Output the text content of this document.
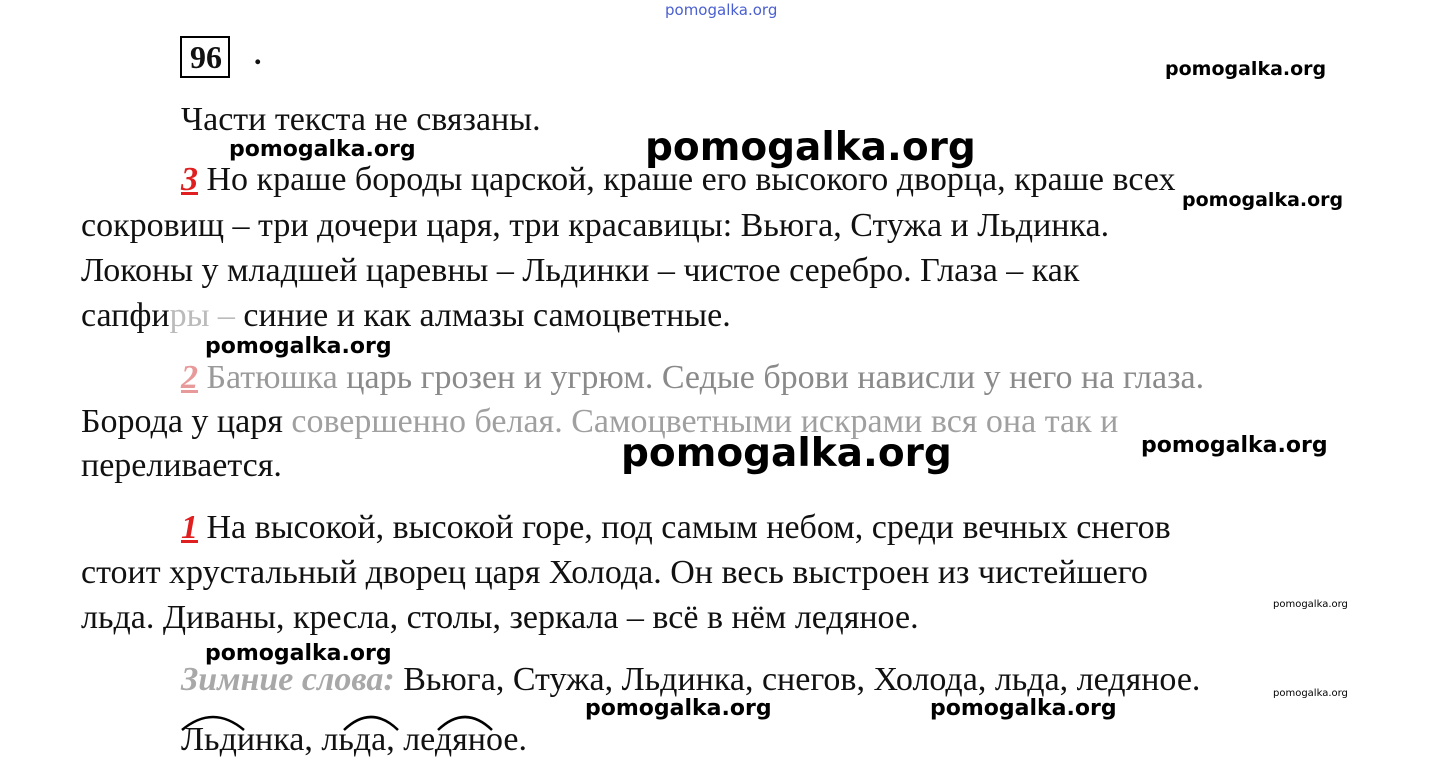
pomogalka.org
pomogalka.org
pomogalka.org
pomogalka.org
pomogalka.org
pomogalka.org
pomogalka.org	pomogalka.org
pomogalka.org
pomogalka.org
pomogalka.org
pomogalka.org	pomogalka.org
96 .
Части текста не связаны.
3 Но краше бороды царской, краше его высокого дворца, краше всех
сокровищ – три дочери царя, три красавицы: Вьюга, Стужа и Льдинка.
Локоны у младшей царевны – Льдинки – чистое серебро. Глаза – как
сапфиры – синие и как алмазы самоцветные.
2 Батюшка царь грозен и угрюм. Седые брови нависли у него на глаза.
Борода у царя совершенно белая. Самоцветными искрами вся она так и
переливается.
1 На высокой, высокой горе, под самым небом, среди вечных снегов
стоит хрустальный дворец царя Холода. Он весь выстроен из чистейшего
льда. Диваны, кресла, столы, зеркала – всё в нём ледяное.
Зимние слова: Вьюга, Стужа, Льдинка, снегов, Холода, льда, ледяное.
Льдинка, льда, ледяное.
